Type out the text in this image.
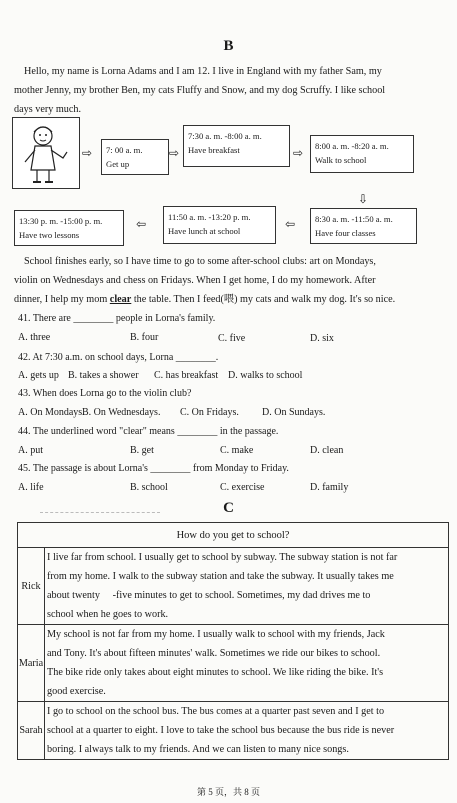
B

Hello, my name is Lorna Adams and I am 12. I live in England with my father Sam, my

mother Jenny, my brother Ben, my cats Fluffy and Snow, and my dog Scruffy. I like school

days very much.

⇨ 7: 00 a. m.
Get up
⇨
7:30 a. m. -8:00 a. m.
Have breakfast	⇨ 8:00 a. m. -8:20 a. m.
Walk to school
⇩
13:30 p. m. -15:00 p. m.
Have two lessons
⇦	11:50 a. m. -13:20 p. m.
Have lunch at school	⇦ 8:30 a. m. -11:50 a. m.
Have four classes

School finishes early, so I have time to go to some after-school clubs: art on Mondays,

violin on Wednesdays and chess on Fridays. When I get home, I do my homework. After

dinner, I help my mom clear the table. Then I feed(喂) my cats and walk my dog. It's so nice.

41. There are ________ people in Lorna's family.
A. three	B. four	C. five	D. six
42. At 7:30 a.m. on school days, Lorna ________.
A. gets up B. takes a shower C. has breakfast D. walks to school
43. When does Lorna go to the violin club?
A. On Mondays.
B. On Wednesdays. C. On Fridays. D. On Sundays.
44. The underlined word "clear" means ________ in the passage.
A. put	B. get	C. make	D. clean
45. The passage is about Lorna's ________ from Monday to Friday.
A. life	B. school	C. exercise	D. family
C
How do you get to school?	
Rick	I live far from school. I usually get to school by subway. The subway station is not far
from my home. I walk to the subway station and take the subway. It usually takes me
about twenty     -five minutes to get to school. Sometimes, my dad drives me to
school when he goes to work.

Maria	My school is not far from my home. I usually walk to school with my friends, Jack
and Tony. It's about fifteen minutes' walk. Sometimes we ride our bikes to school.
The bike ride only takes about eight minutes to school. We like riding the bike. It's
good exercise.

Sarah	I go to school on the school bus. The bus comes at a quarter past seven and I get to
school at a quarter to eight. I love to take the school bus because the bus ride is never
boring. I always talk to my friends. And we can listen to many nice songs.
第 5 页，共 8 页
